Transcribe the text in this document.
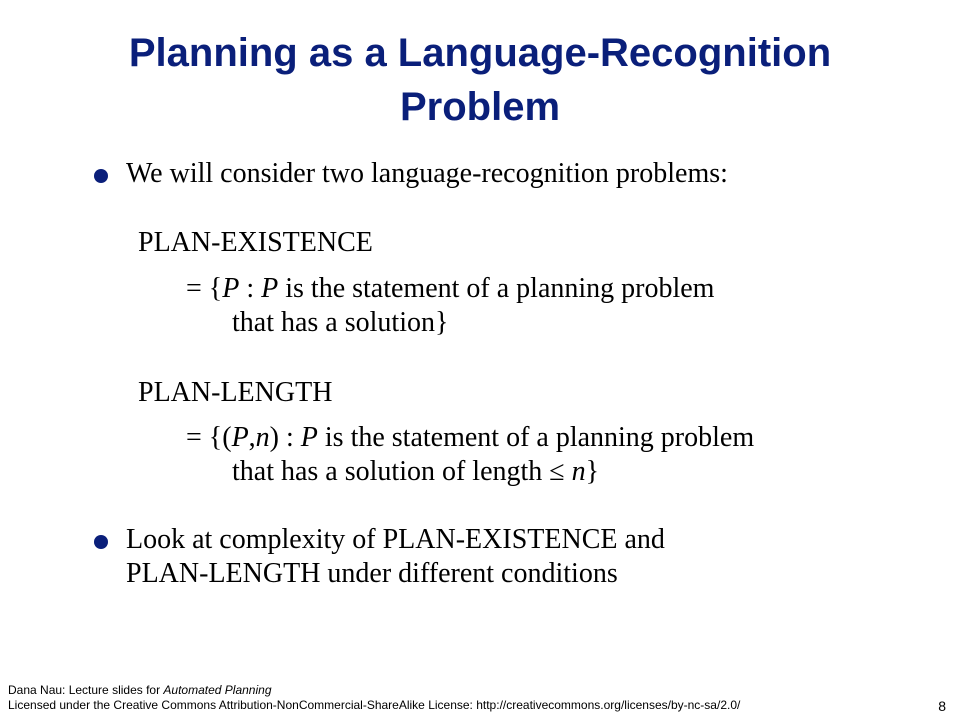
Planning as a Language-Recognition Problem
We will consider two language-recognition problems:
PLAN-EXISTENCE
= {P : P is the statement of a planning problem
that has a solution}
PLAN-LENGTH
= {(P,n) : P is the statement of a planning problem
that has a solution of length ≤ n}
Look at complexity of PLAN-EXISTENCE and
PLAN-LENGTH under different conditions
Dana Nau: Lecture slides for Automated Planning
Licensed under the Creative Commons Attribution-NonCommercial-ShareAlike License: http://creativecommons.org/licenses/by-nc-sa/2.0/	8
